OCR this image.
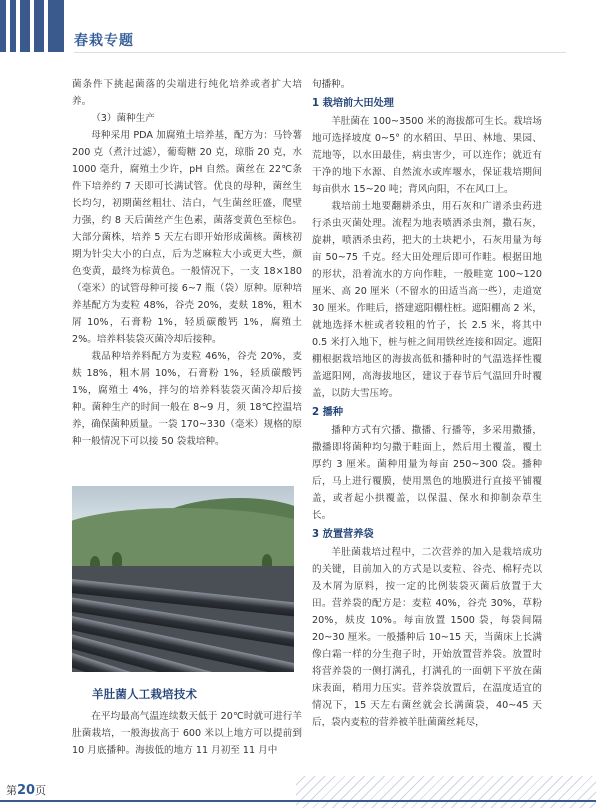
春栽专题

菌条件下挑起菌落的尖端进行纯化培养或者扩大培养。

（3）菌种生产

母种采用 PDA 加腐殖土培养基，配方为：马铃薯 200 克（煮汁过滤），葡萄糖 20 克，琼脂 20 克，水 1000 毫升，腐殖土少许，pH 自然。菌丝在 22℃条件下培养约 7 天即可长满试管。优良的母种，菌丝生长均匀，初期菌丝粗壮、洁白，气生菌丝旺盛，爬壁力强，约 8 天后菌丝产生色素，菌落变黄色至棕色。大部分菌株，培养 5 天左右即开始形成菌核。菌核初期为针尖大小的白点，后为芝麻粒大小或更大些，颜色变黄，最终为棕黄色。一般情况下，一支 18×180（毫米）的试管母种可接 6~7 瓶（袋）原种。原种培养基配方为麦粒 48%，谷壳 20%，麦麸 18%，粗木屑 10%，石膏粉 1%，轻质碳酸钙 1%，腐殖土 2%。培养料装袋灭菌冷却后接种。

栽品种培养料配方为麦粒 46%，谷壳 20%，麦麸 18%，粗木屑 10%，石膏粉 1%，轻质碳酸钙 1%，腐殖土 4%，拌匀的培养料装袋灭菌冷却后接种。菌种生产的时间一般在 8~9 月，须 18℃控温培养，确保菌种质量。一袋 170~330（毫米）规格的原种一般情况下可以接 50 袋栽培种。

羊肚菌人工栽培技术

在平均最高气温连续数天低于 20℃时就可进行羊肚菌栽培，一般海拔高于 600 米以上地方可以提前到 10 月底播种。海拔低的地方 11 月初至 11 月中

旬播种。

1 栽培前大田处理

羊肚菌在 100~3500 米的海拔都可生长。栽培场地可选择坡度 0~5° 的水稻田、旱田、林地、果园、荒地等，以水田最佳，病虫害少，可以连作；就近有干净的地下水源、自然流水或库堰水，保证栽培期间每亩供水 15~20 吨；背风向阳，不在风口上。

栽培前土地要翻耕杀虫，用石灰和广谱杀虫药进行杀虫灭菌处理。流程为地表喷洒杀虫剂，撒石灰，旋耕，喷洒杀虫药，把大的土块耙小，石灰用量为每亩 50~75 千克。经大田处理后即可作畦。根据田地的形状，沿着流水的方向作畦，一般畦宽 100~120 厘米、高 20 厘米（不留水的田适当高一些），走道宽 30 厘米。作畦后，搭建遮阳棚柱桩。遮阳棚高 2 米，就地选择木桩或者较粗的竹子，长 2.5 米，将其中 0.5 米打入地下，桩与桩之间用铁丝连接和固定。遮阳棚根据栽培地区的海拔高低和播种时的气温选择性覆盖遮阳网，高海拔地区，建议于春节后气温回升时覆盖，以防大雪压垮。

2 播种

播种方式有穴播、撒播、行播等，多采用撒播，撒播即将菌种均匀撒于畦面上，然后用土覆盖，覆土厚约 3 厘米。菌种用量为每亩 250~300 袋。播种后，马上进行覆膜，使用黑色的地膜进行直接平铺覆盖，或者起小拱覆盖，以保温、保水和抑制杂草生长。

3 放置营养袋

羊肚菌栽培过程中，二次营养的加入是栽培成功的关键，目前加入的方式是以麦粒、谷壳、棉籽壳以及木屑为原料，按一定的比例装袋灭菌后放置于大田。营养袋的配方是：麦粒 40%，谷壳 30%，草粉 20%，麸皮 10%。每亩放置 1500 袋，每袋间隔 20~30 厘米。一般播种后 10~15 天，当菌床上长满像白霜一样的分生孢子时，开始放置营养袋。放置时将营养袋的一侧打满孔，打满孔的一面朝下平放在菌床表面，稍用力压实。营养袋放置后，在温度适宜的情况下，15 天左右菌丝就会长满菌袋，40~45 天后，袋内麦粒的营养被羊肚菌菌丝耗尽，

第20页
